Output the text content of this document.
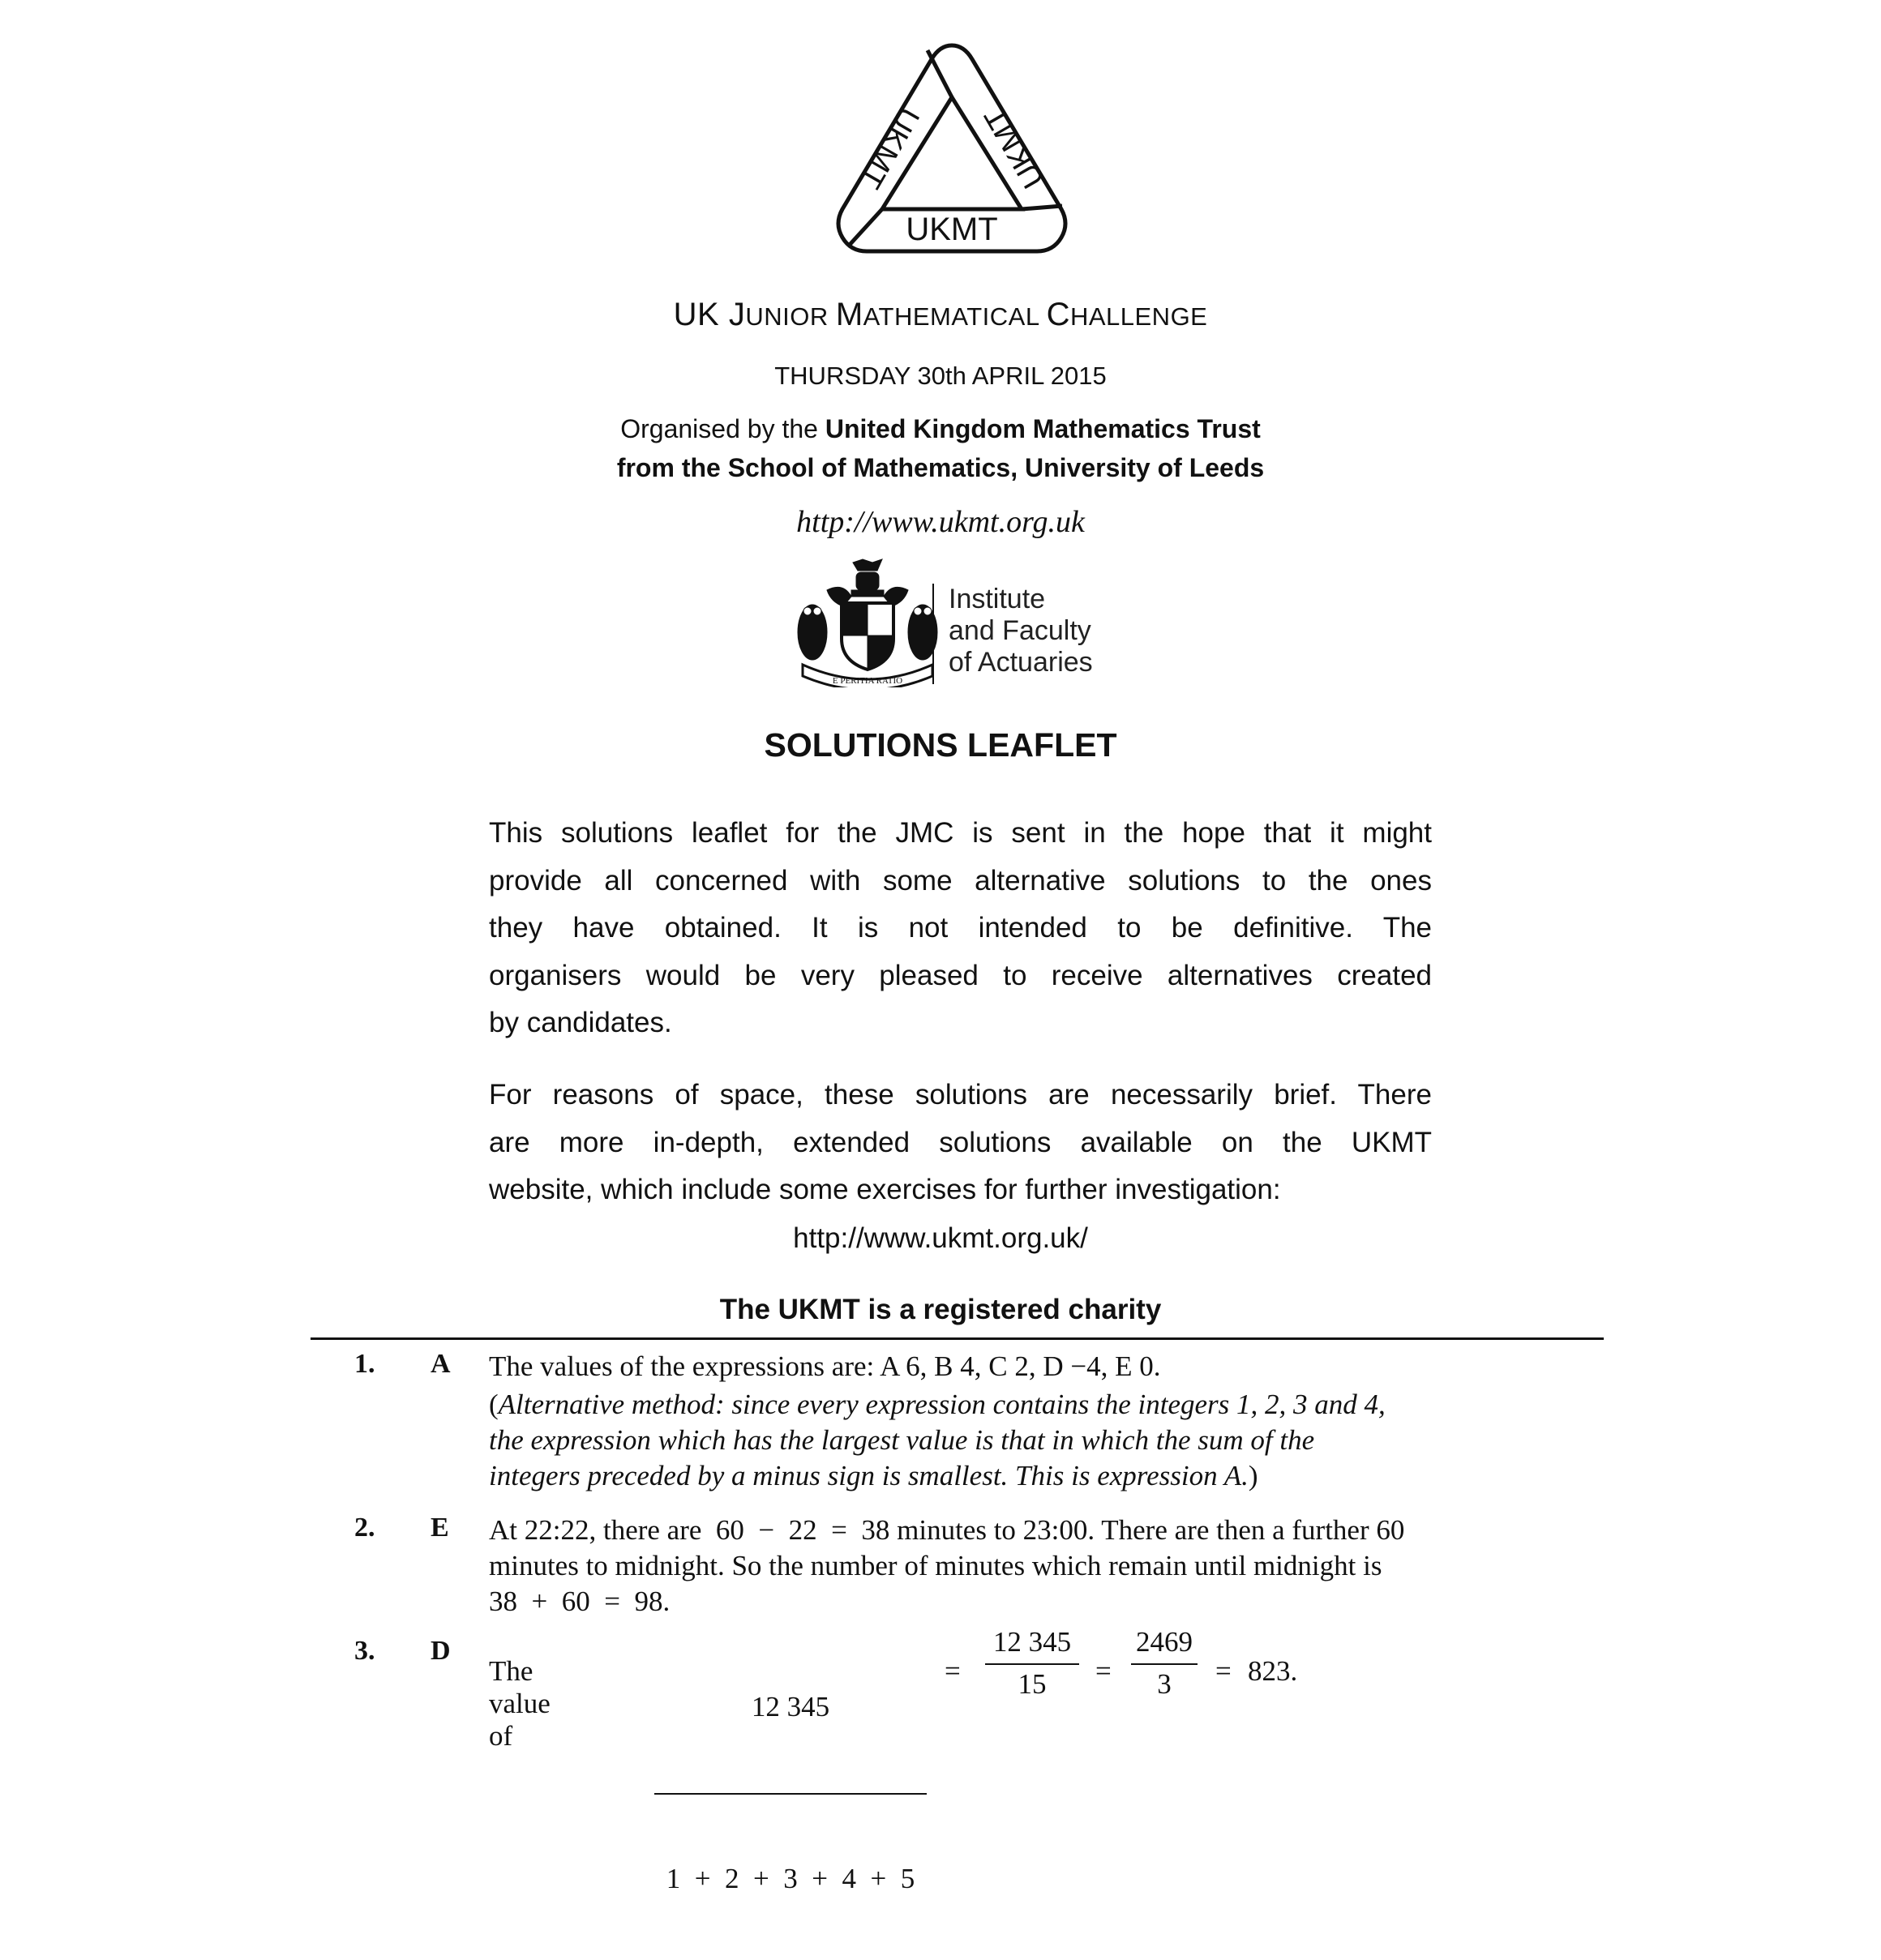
UKMT
UKMT UKMT
UK JUNIOR MATHEMATICAL CHALLENGE
THURSDAY 30th APRIL 2015
Organised by the United Kingdom Mathematics Trust
from the School of Mathematics, University of Leeds
http://www.ukmt.org.uk
E PERITIA RATIO
Institute
and Faculty
of Actuaries
SOLUTIONS LEAFLET
This solutions leaflet for the JMC is sent in the hope that it might
provide all concerned with some alternative solutions to the ones
they have obtained. It is not intended to be definitive. The
organisers would be very pleased to receive alternatives created
by candidates.
For reasons of space, these solutions are necessarily brief. There
are more in-depth, extended solutions available on the UKMT
website, which include some exercises for further investigation:
http://www.ukmt.org.uk/
The UKMT is a registered charity
1. A The values of the expressions are: A 6, B 4, C 2, D −4, E 0.
(Alternative method: since every expression contains the integers 1, 2, 3 and 4,
the expression which has the largest value is that in which the sum of the
integers preceded by a minus sign is smallest. This is expression A.)
2. E At 22:22, there are  60  −  22  =  38 minutes to 23:00. There are then a further 60
minutes to midnight. So the number of minutes which remain until midnight is
38  +  60  =  98.
3. D
The value of

12 345

1  +  2  +  3  +  4  +  5

=
12 345
15	=
2469
3	= 823.
